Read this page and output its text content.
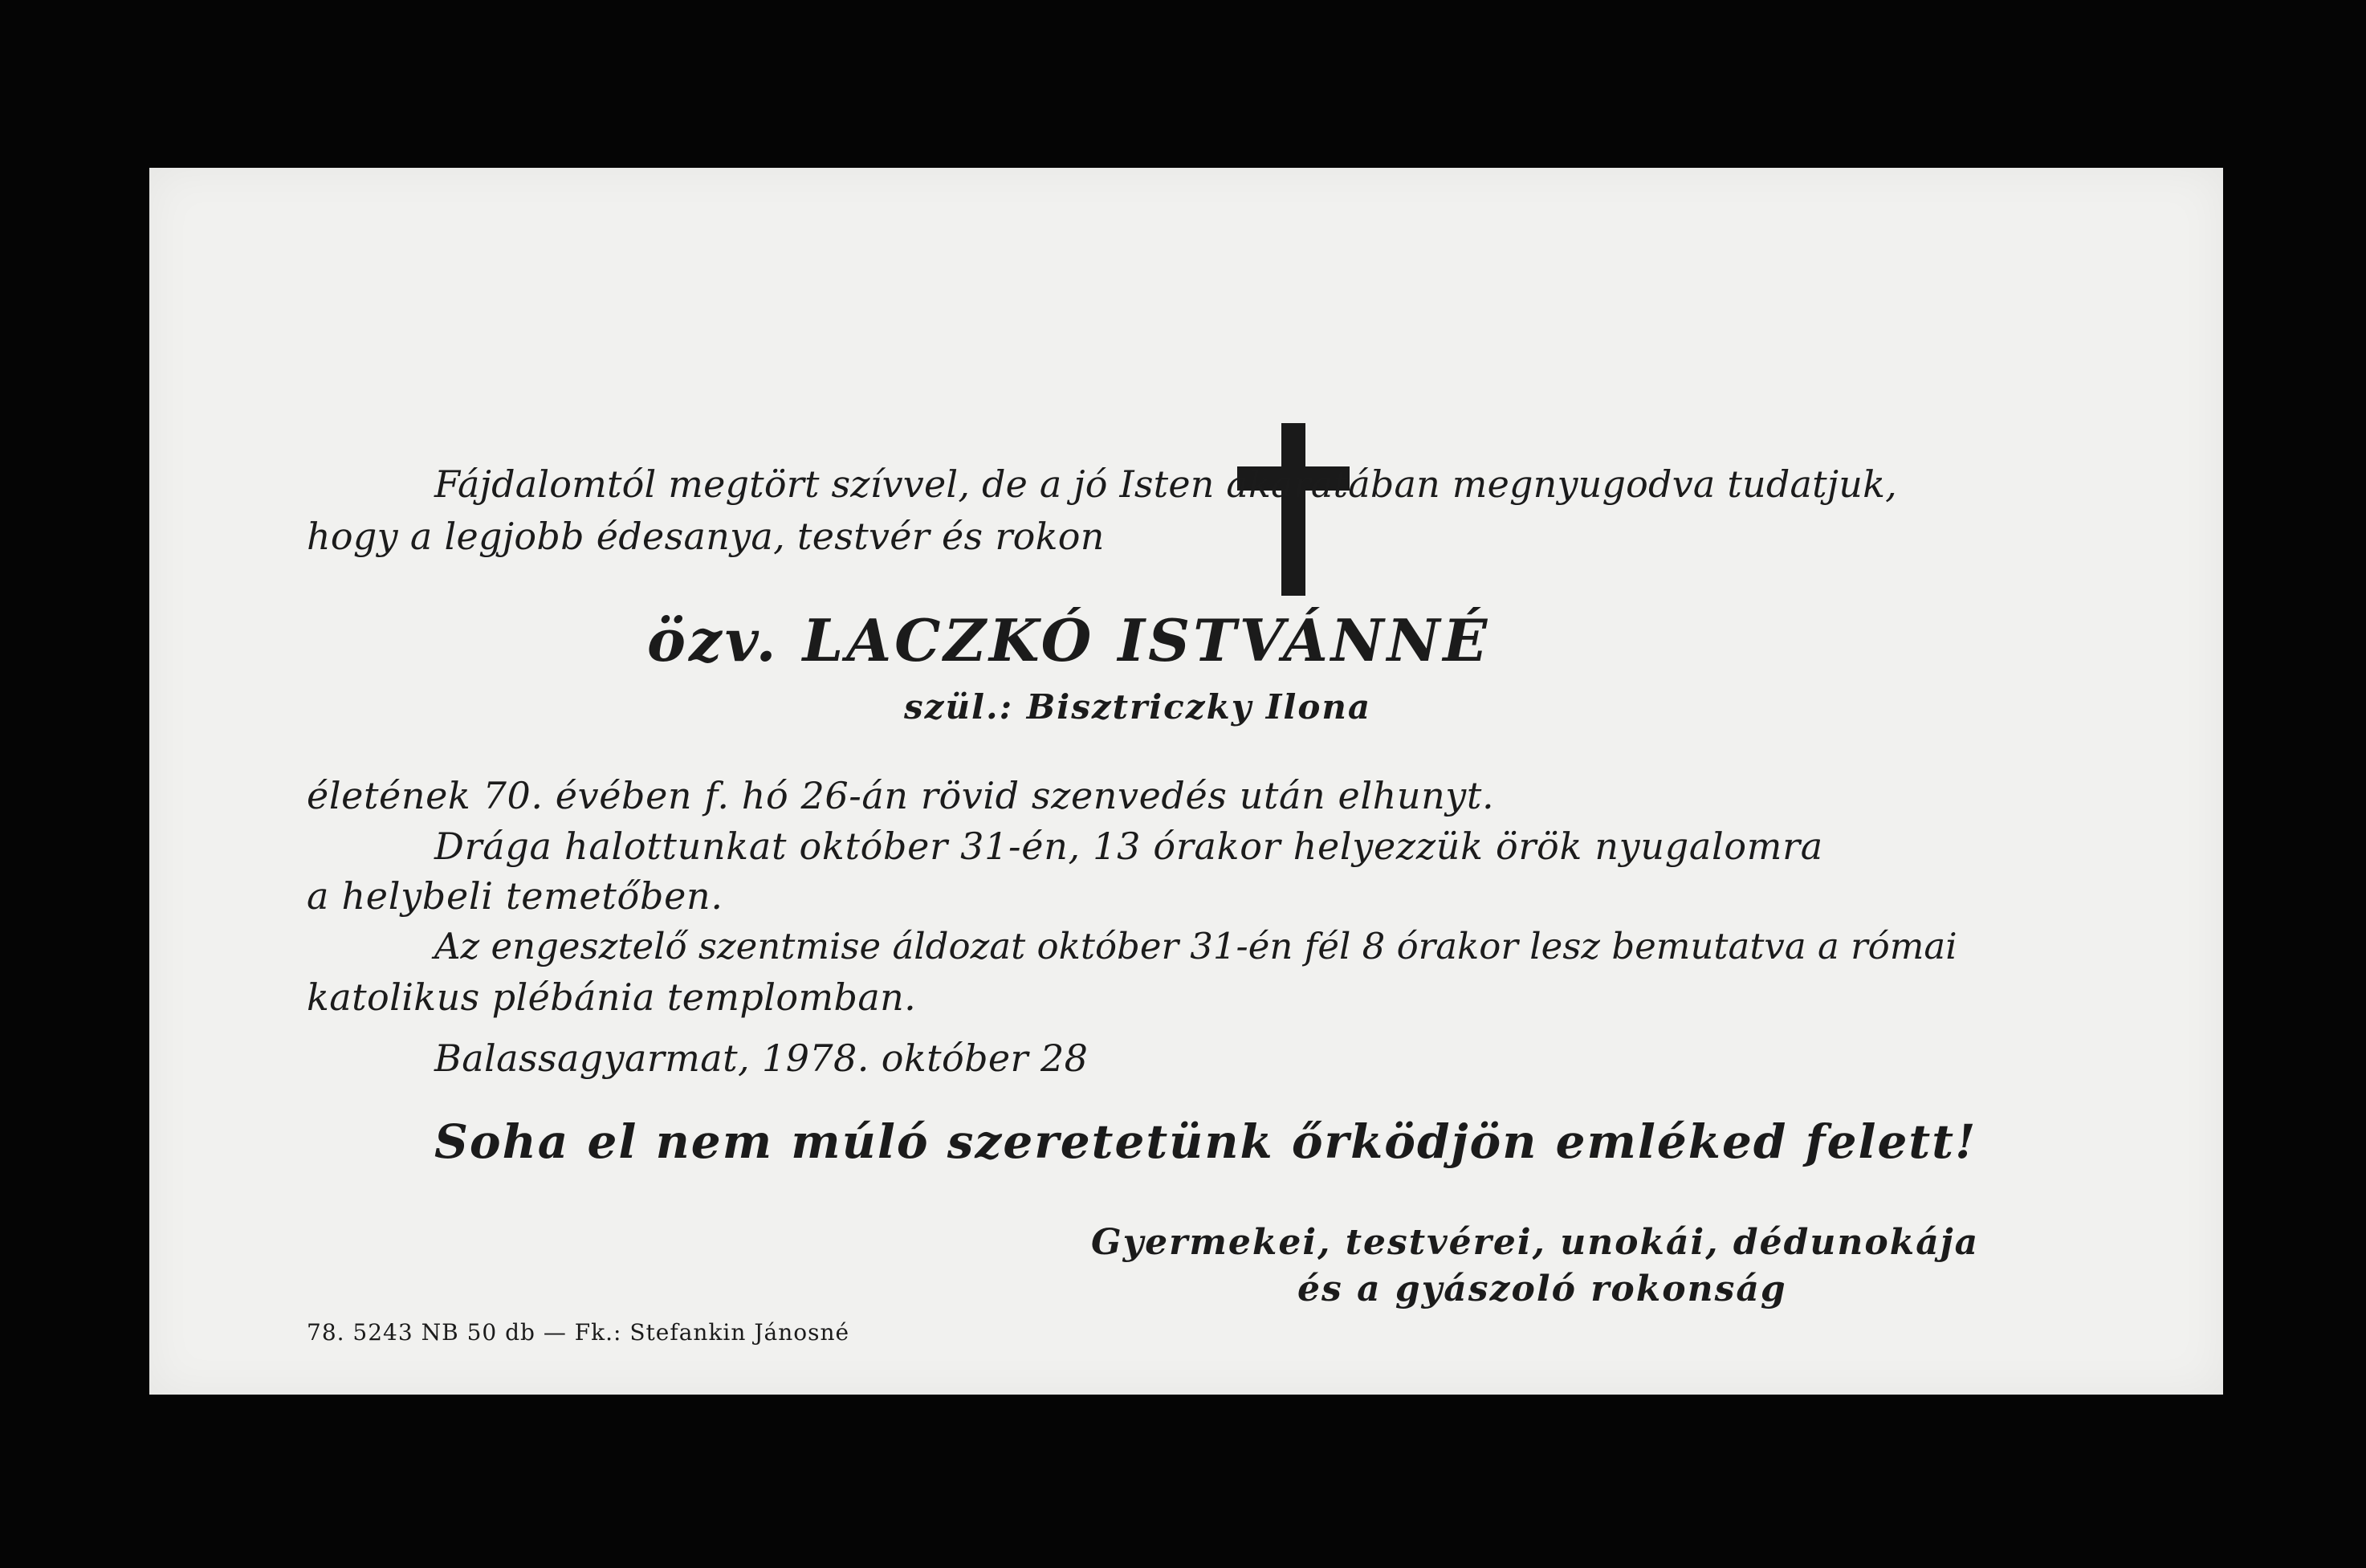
Fájdalomtól megtört szívvel, de a jó Isten akaratában megnyugodva tudatjuk,
hogy a legjobb édesanya, testvér és rokon
özv. LACZKÓ ISTVÁNNÉ
szül.: Bisztriczky Ilona
életének 70. évében f. hó 26-án rövid szenvedés után elhunyt.
Drága halottunkat október 31-én, 13 órakor helyezzük örök nyugalomra
a helybeli temetőben.
Az engesztelő szentmise áldozat október 31-én fél 8 órakor lesz bemutatva a római
katolikus plébánia templomban.
Balassagyarmat, 1978. október 28
Soha el nem múló szeretetünk őrködjön emléked felett!
Gyermekei, testvérei, unokái, dédunokája
és a gyászoló rokonság
78. 5243 NB 50 db — Fk.: Stefankin Jánosné
